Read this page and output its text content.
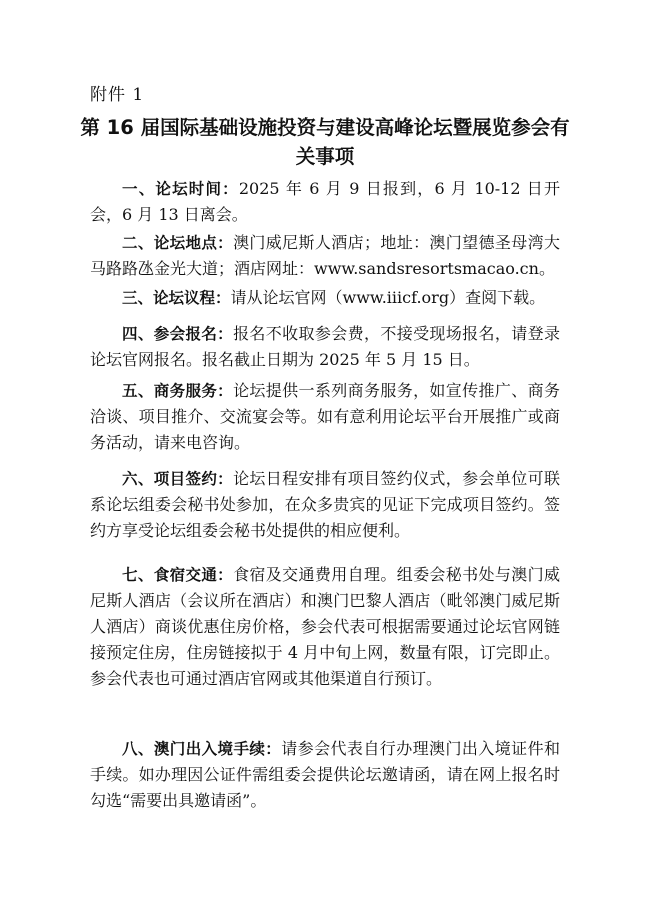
附件 1
第 16 届国际基础设施投资与建设高峰论坛暨展览参会有关事项
一、论坛时间：2025 年 6 月 9 日报到，6 月 10-12 日开会，6 月 13 日离会。
二、论坛地点：澳门威尼斯人酒店；地址：澳门望德圣母湾大马路路氹金光大道；酒店网址：www.sandsresortsmacao.cn。
三、论坛议程：请从论坛官网（www.iiicf.org）查阅下载。
四、参会报名：报名不收取参会费，不接受现场报名，请登录论坛官网报名。报名截止日期为 2025 年 5 月 15 日。
五、商务服务：论坛提供一系列商务服务，如宣传推广、商务洽谈、项目推介、交流宴会等。如有意利用论坛平台开展推广或商务活动，请来电咨询。
六、项目签约：论坛日程安排有项目签约仪式，参会单位可联系论坛组委会秘书处参加，在众多贵宾的见证下完成项目签约。签约方享受论坛组委会秘书处提供的相应便利。
七、食宿交通：食宿及交通费用自理。组委会秘书处与澳门威尼斯人酒店（会议所在酒店）和澳门巴黎人酒店（毗邻澳门威尼斯人酒店）商谈优惠住房价格，参会代表可根据需要通过论坛官网链接预定住房，住房链接拟于 4 月中旬上网，数量有限，订完即止。参会代表也可通过酒店官网或其他渠道自行预订。
八、澳门出入境手续：请参会代表自行办理澳门出入境证件和手续。如办理因公证件需组委会提供论坛邀请函，请在网上报名时勾选“需要出具邀请函”。
